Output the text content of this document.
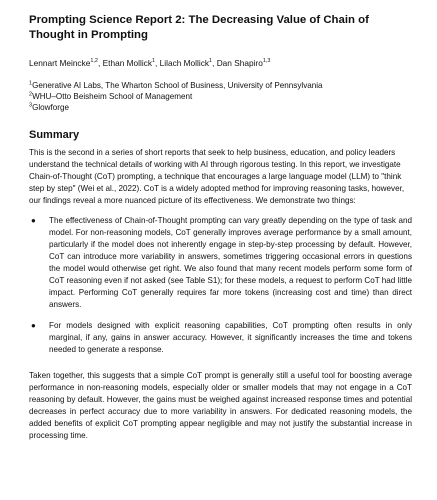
Prompting Science Report 2: The Decreasing Value of Chain of Thought in Prompting
Lennart Meincke$^{1,2}$, Ethan Mollick$^1$, Lilach Mollick$^1$, Dan Shapiro$^{1,3}$
$^1$Generative AI Labs, The Wharton School of Business, University of Pennsylvania
$^2$WHU–Otto Beisheim School of Management
$^3$Glowforge
Summary

This is the second in a series of short reports that seek to help business, education, and policy leaders understand the technical details of working with AI through rigorous testing. In this report, we investigate Chain-of-Thought (CoT) prompting, a technique that encourages a large language model (LLM) to "think step by step" (Wei et al., 2022). CoT is a widely adopted method for improving reasoning tasks, however, our findings reveal a more nuanced picture of its effectiveness. We demonstrate two things:

● The effectiveness of Chain-of-Thought prompting can vary greatly depending on the type of task and model. For non-reasoning models, CoT generally improves average performance by a small amount, particularly if the model does not inherently engage in step-by-step processing by default. However, CoT can introduce more variability in answers, sometimes triggering occasional errors in questions the model would otherwise get right. We also found that many recent models perform some form of CoT reasoning even if not asked (see Table S1); for these models, a request to perform CoT had little impact. Performing CoT generally requires far more tokens (increasing cost and time) than direct answers.
● For models designed with explicit reasoning capabilities, CoT prompting often results in only marginal, if any, gains in answer accuracy. However, it significantly increases the time and tokens needed to generate a response.

Taken together, this suggests that a simple CoT prompt is generally still a useful tool for boosting average performance in non-reasoning models, especially older or smaller models that may not engage in a CoT reasoning by default. However, the gains must be weighed against increased response times and potential decreases in perfect accuracy due to more variability in answers. For dedicated reasoning models, the added benefits of explicit CoT prompting appear negligible and may not justify the substantial increase in processing time.
